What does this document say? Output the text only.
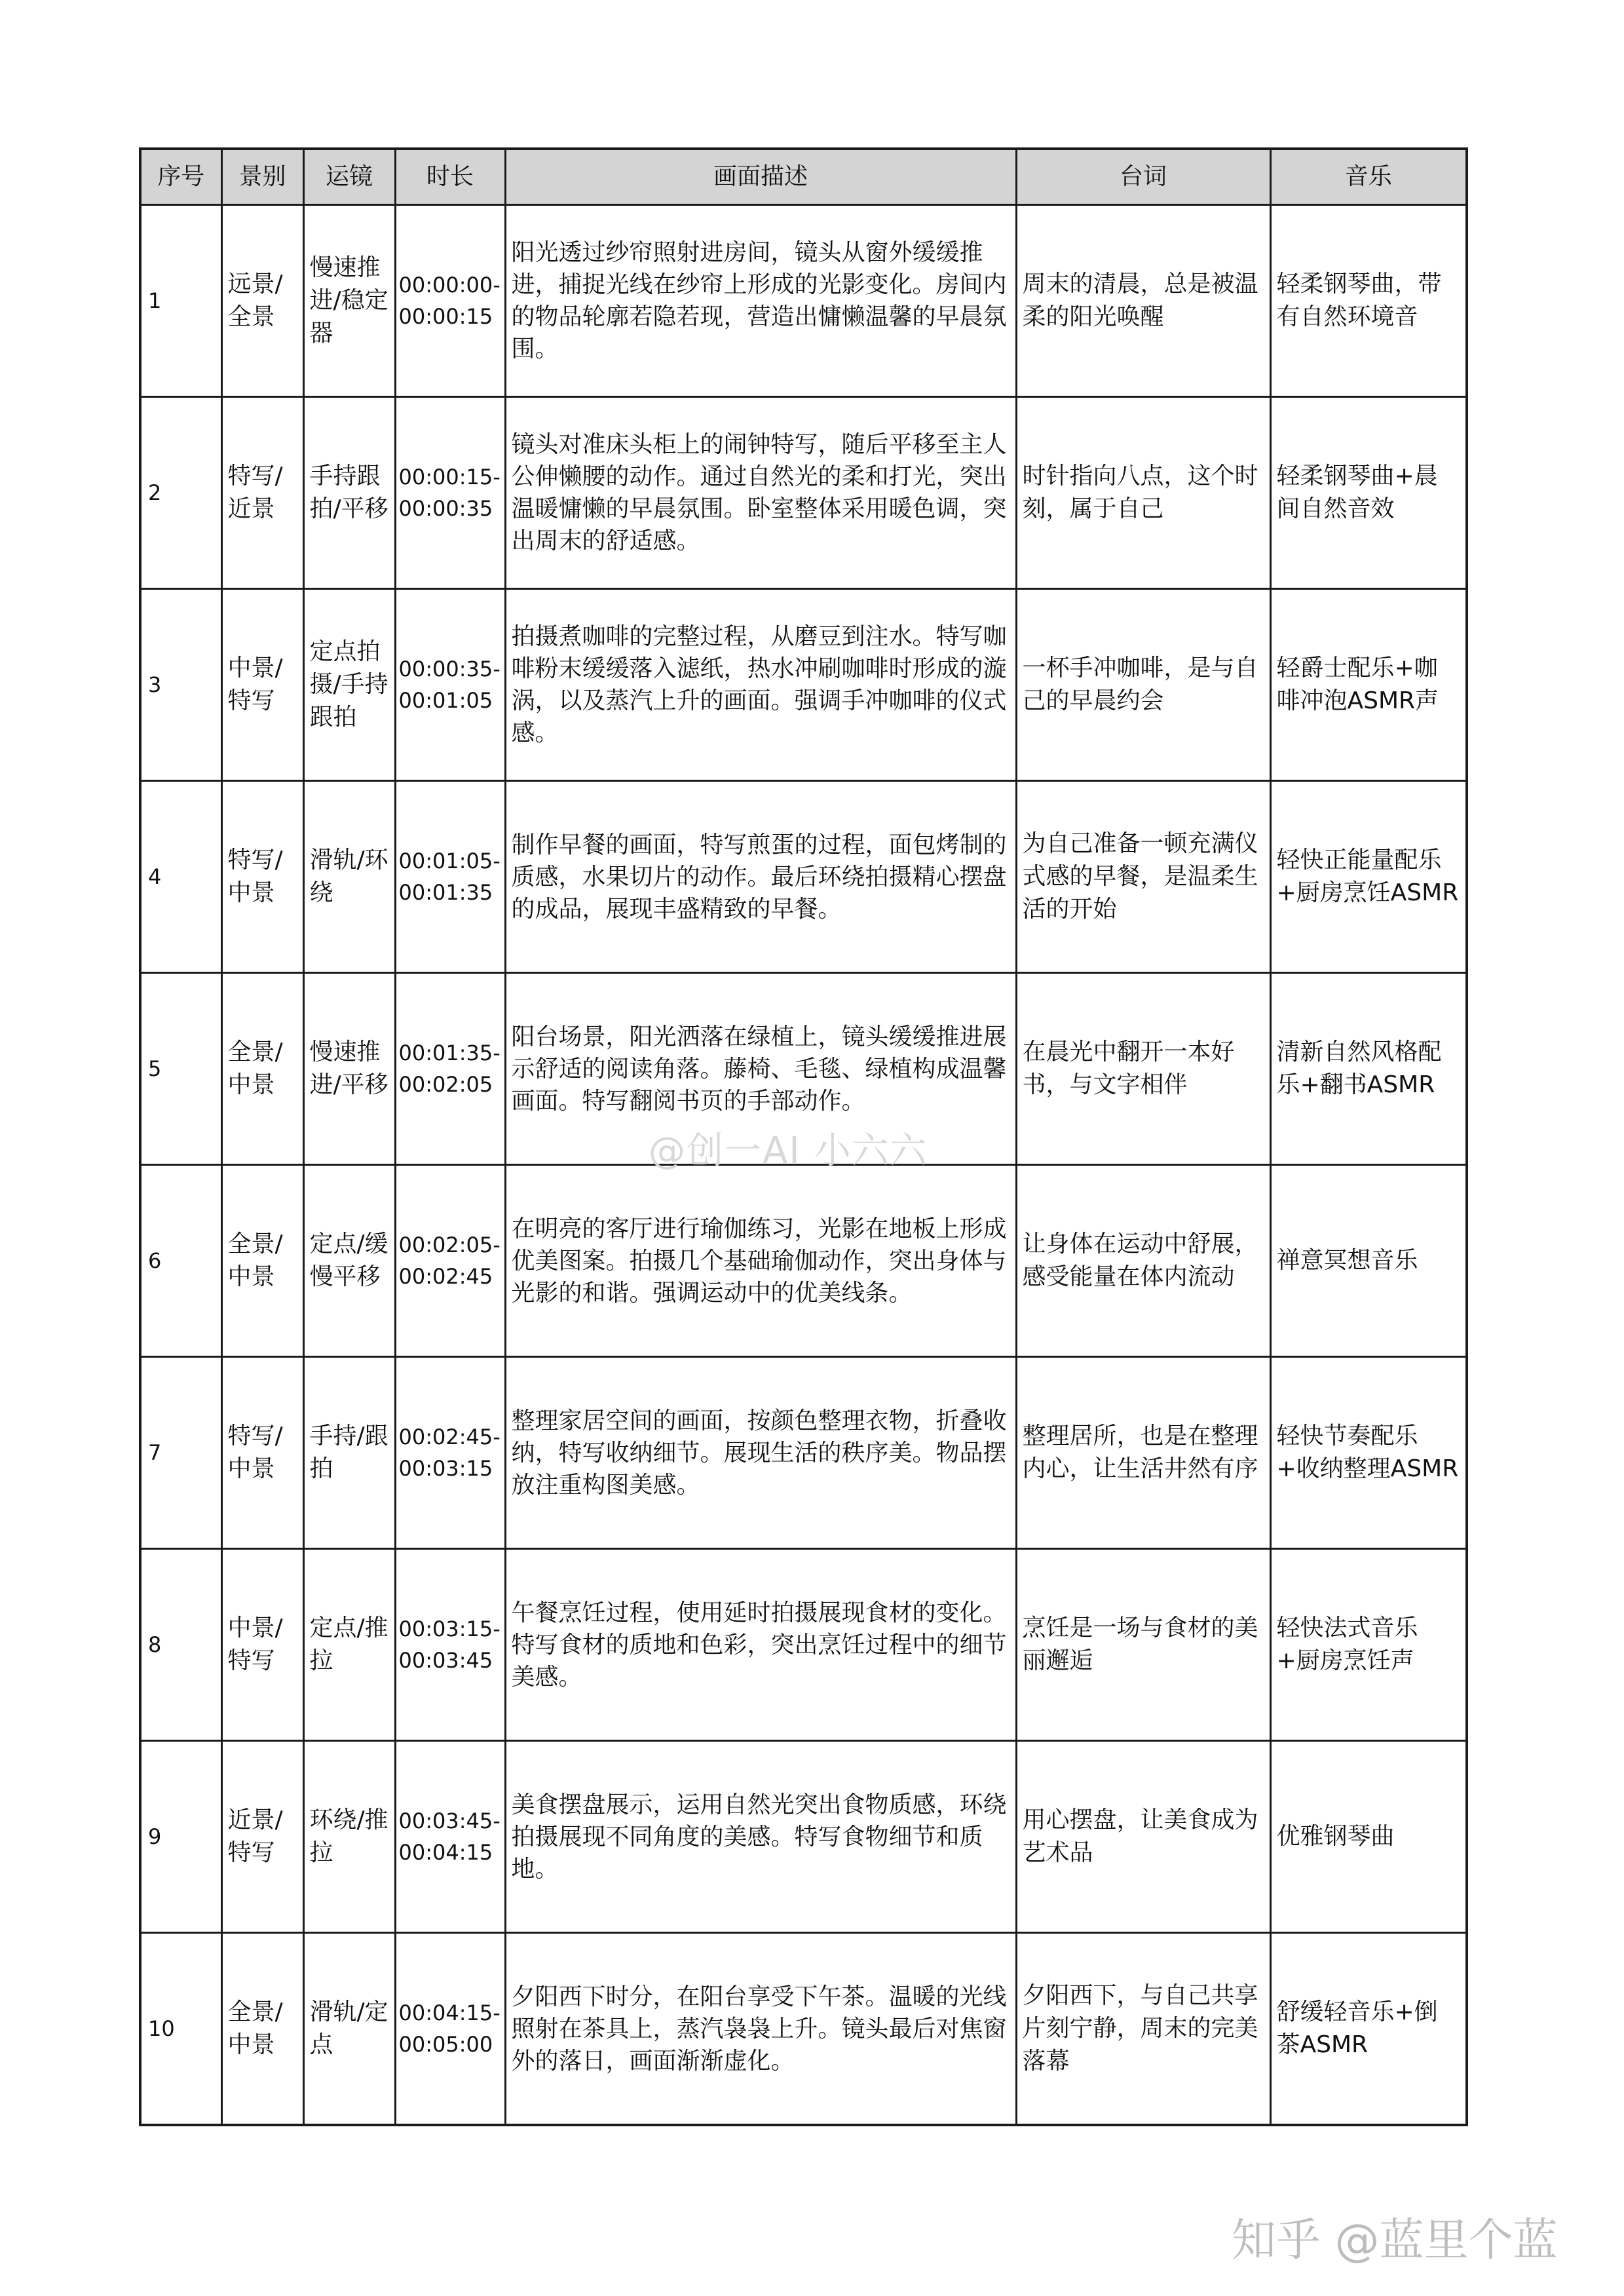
序号	景别	运镜	时长	画面描述	台词	音乐
1	远景/全景	慢速推进/稳定器	00:00:00-00:00:15	阳光透过纱帘照射进房间，镜头从窗外缓缓推进，捕捉光线在纱帘上形成的光影变化。房间内的物品轮廓若隐若现，营造出慵懒温馨的早晨氛围。	周末的清晨，总是被温柔的阳光唤醒	轻柔钢琴曲，带有自然环境音
2	特写/近景	手持跟拍/平移	00:00:15-00:00:35	镜头对准床头柜上的闹钟特写，随后平移至主人公伸懒腰的动作。通过自然光的柔和打光，突出温暖慵懒的早晨氛围。卧室整体采用暖色调，突出周末的舒适感。	时针指向八点，这个时刻，属于自己	轻柔钢琴曲+晨间自然音效
3	中景/特写	定点拍摄/手持跟拍	00:00:35-00:01:05	拍摄煮咖啡的完整过程，从磨豆到注水。特写咖啡粉末缓缓落入滤纸，热水冲刷咖啡时形成的漩涡，以及蒸汽上升的画面。强调手冲咖啡的仪式感。	一杯手冲咖啡，是与自己的早晨约会	轻爵士配乐+咖啡冲泡ASMR声
4	特写/中景	滑轨/环绕	00:01:05-00:01:35	制作早餐的画面，特写煎蛋的过程，面包烤制的质感，水果切片的动作。最后环绕拍摄精心摆盘的成品，展现丰盛精致的早餐。	为自己准备一顿充满仪式感的早餐，是温柔生活的开始	轻快正能量配乐+厨房烹饪ASMR
5	全景/中景	慢速推进/平移	00:01:35-00:02:05	阳台场景，阳光洒落在绿植上，镜头缓缓推进展示舒适的阅读角落。藤椅、毛毯、绿植构成温馨画面。特写翻阅书页的手部动作。	在晨光中翻开一本好书，与文字相伴	清新自然风格配乐+翻书ASMR
6	全景/中景	定点/缓慢平移	00:02:05-00:02:45	在明亮的客厅进行瑜伽练习，光影在地板上形成优美图案。拍摄几个基础瑜伽动作，突出身体与光影的和谐。强调运动中的优美线条。	让身体在运动中舒展，感受能量在体内流动	禅意冥想音乐
7	特写/中景	手持/跟拍	00:02:45-00:03:15	整理家居空间的画面，按颜色整理衣物，折叠收纳，特写收纳细节。展现生活的秩序美。物品摆放注重构图美感。	整理居所，也是在整理内心，让生活井然有序	轻快节奏配乐+收纳整理ASMR
8	中景/特写	定点/推拉	00:03:15-00:03:45	午餐烹饪过程，使用延时拍摄展现食材的变化。特写食材的质地和色彩，突出烹饪过程中的细节美感。	烹饪是一场与食材的美丽邂逅	轻快法式音乐+厨房烹饪声
9	近景/特写	环绕/推拉	00:03:45-00:04:15	美食摆盘展示，运用自然光突出食物质感，环绕拍摄展现不同角度的美感。特写食物细节和质地。	用心摆盘，让美食成为艺术品	优雅钢琴曲
10	全景/中景	滑轨/定点	00:04:15-00:05:00	夕阳西下时分，在阳台享受下午茶。温暖的光线照射在茶具上，蒸汽袅袅上升。镜头最后对焦窗外的落日，画面渐渐虚化。	夕阳西下，与自己共享片刻宁静，周末的完美落幕	舒缓轻音乐+倒茶ASMR
@创一AI 小六六
知乎 @蓝里个蓝
